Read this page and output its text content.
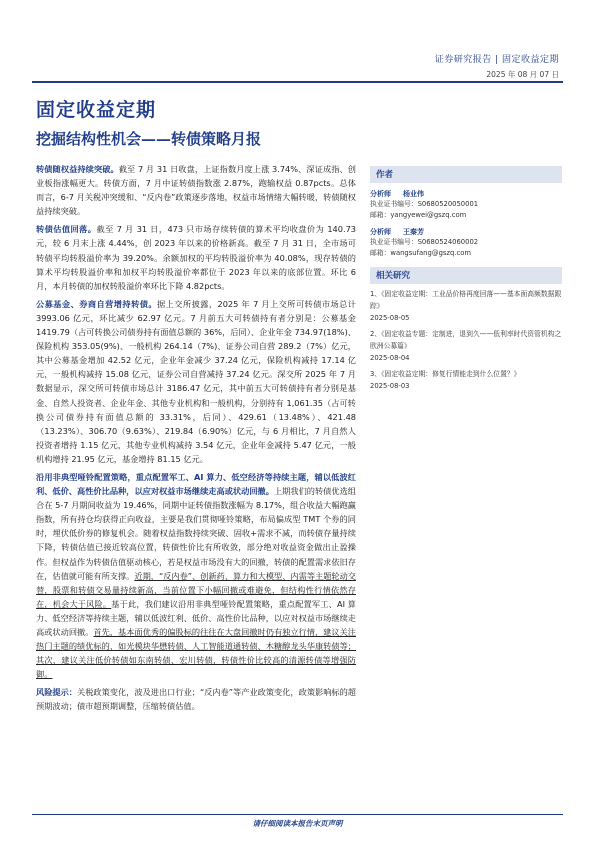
证券研究报告 | 固定收益定期
2025 年 08 月 07 日
固定收益定期
挖掘结构性机会——转债策略月报

转债随权益持续突破。截至 7 月 31 日收盘，上证指数月度上涨 3.74%、深证成指、创业板指涨幅更大。转债方面，7 月中证转债指数涨 2.87%，跑输权益 0.87pcts。总体而言，6-7 月关税冲突缓和、“反内卷”政策逐步落地，权益市场情绪大幅转暖，转债随权益持续突破。

转债估值回落。截至 7 月 31 日，473 只市场存续转债的算术平均收盘价为 140.73 元，较 6 月末上涨 4.44%，创 2023 年以来的价格新高。截至 7 月 31 日，全市场可转债平均转股溢价率为 39.20%。余额加权的平均转股溢价率为 40.08%，现存转债的算术平均转股溢价率和加权平均转股溢价率都位于 2023 年以来的底部位置。环比 6 月，本月转债的加权转股溢价率环比下降 4.82pcts。

公募基金、券商自营增持转债。据上交所披露，2025 年 7 月上交所可转债市场总计 3993.06 亿元，环比减少 62.97 亿元。7 月前五大可转债持有者分别是：公募基金 1419.79（占可转换公司债券持有面值总额的 36%，后同）、企业年金 734.97(18%)、保险机构 353.05(9%)、一般机构 264.14（7%)、证券公司自营 289.2（7%）亿元，其中公募基金增加 42.52 亿元，企业年金减少 37.24 亿元，保险机构减持 17.14 亿元，一般机构减持 15.08 亿元，证券公司自营减持 37.24 亿元。深交所 2025 年 7 月数据显示，深交所可转债市场总计 3186.47 亿元，其中前五大可转债持有者分别是基金、自然人投资者、企业年金、其他专业机构和一般机构，分别持有 1,061.35（占可转换公司债券持有面值总额的 33.31%，后同）、429.61（13.48%）、421.48（13.23%）、306.70（9.63%）、219.84（6.90%）亿元，与 6 月相比，7 月自然人投资者增持 1.15 亿元，其他专业机构减持 3.54 亿元，企业年金减持 5.47 亿元，一般机构增持 21.95 亿元，基金增持 81.15 亿元。

沿用非典型哑铃配置策略，重点配置军工、AI 算力、低空经济等持续主题，辅以低波红利、低价、高性价比品种，以应对权益市场继续走高或状动回撤。上期我们的转债优选组合在 5-7 月期间收益为 19.46%，同期中证转债指数涨幅为 8.17%，组合收益大幅跑赢指数，所有持仓均获得正向收益，主要是我们贯彻哑铃策略，布局偏成型 TMT 个券的同时，埋伏低价券的修复机会。随着权益指数持续突破、固收+需求不减，而转债存量持续下降，转债估值已接近较高位置，转债性价比有所收敛，部分绝对收益资金做出止盈操作。但权益作为转债估值驱动核心，若是权益市场没有大的回撤，转债的配置需求依旧存在，估值就可能有所支撑。近期，“反内卷”、创新药、算力和大模型、内需等主题轮动交替，股票和转债交易量持续新高，当前位置下小幅回撤或难避免，但结构性行情依然存在，机会大于风险。基于此，我们建议沿用非典型哑铃配置策略，重点配置军工、AI 算力、低空经济等持续主题，辅以低波红利、低价、高性价比品种，以应对权益市场继续走高或状动回撤。首先，基本面优秀的偏股标的往往在大盘回撤时仍有独立行情，建议关注热门主题的绩优标的，如光模块华懋转债、人工智能道通转债、木糖醇龙头华康转债等；其次，建议关注低价转债如东南转债、宏川转债，转债性价比较高的清源转债等增强防御。

风险提示：关税政策变化，波及进出口行业；“反内卷”等产业政策变化，政策影响标的超预期波动；债市超预期调整，压缩转债估值。

作者
分析师 杨业伟
执业证书编号：S0680520050001
邮箱：yangyewei@gszq.com
分析师 王秦芳
执业证书编号：S0680524060002
邮箱：wangsufang@gszq.com
相关研究
1、《固定收益定期：工业品价格再度回落——基本面高频数据跟踪》
2025-08-05
2、《固定收益专题：定制进，退到久——低利率时代资管机构之欧洲公募篇》
2025-08-04
3、《固定收益定期：修复行情能走到什么位置？》
2025-08-03
请仔细阅读本报告末页声明
